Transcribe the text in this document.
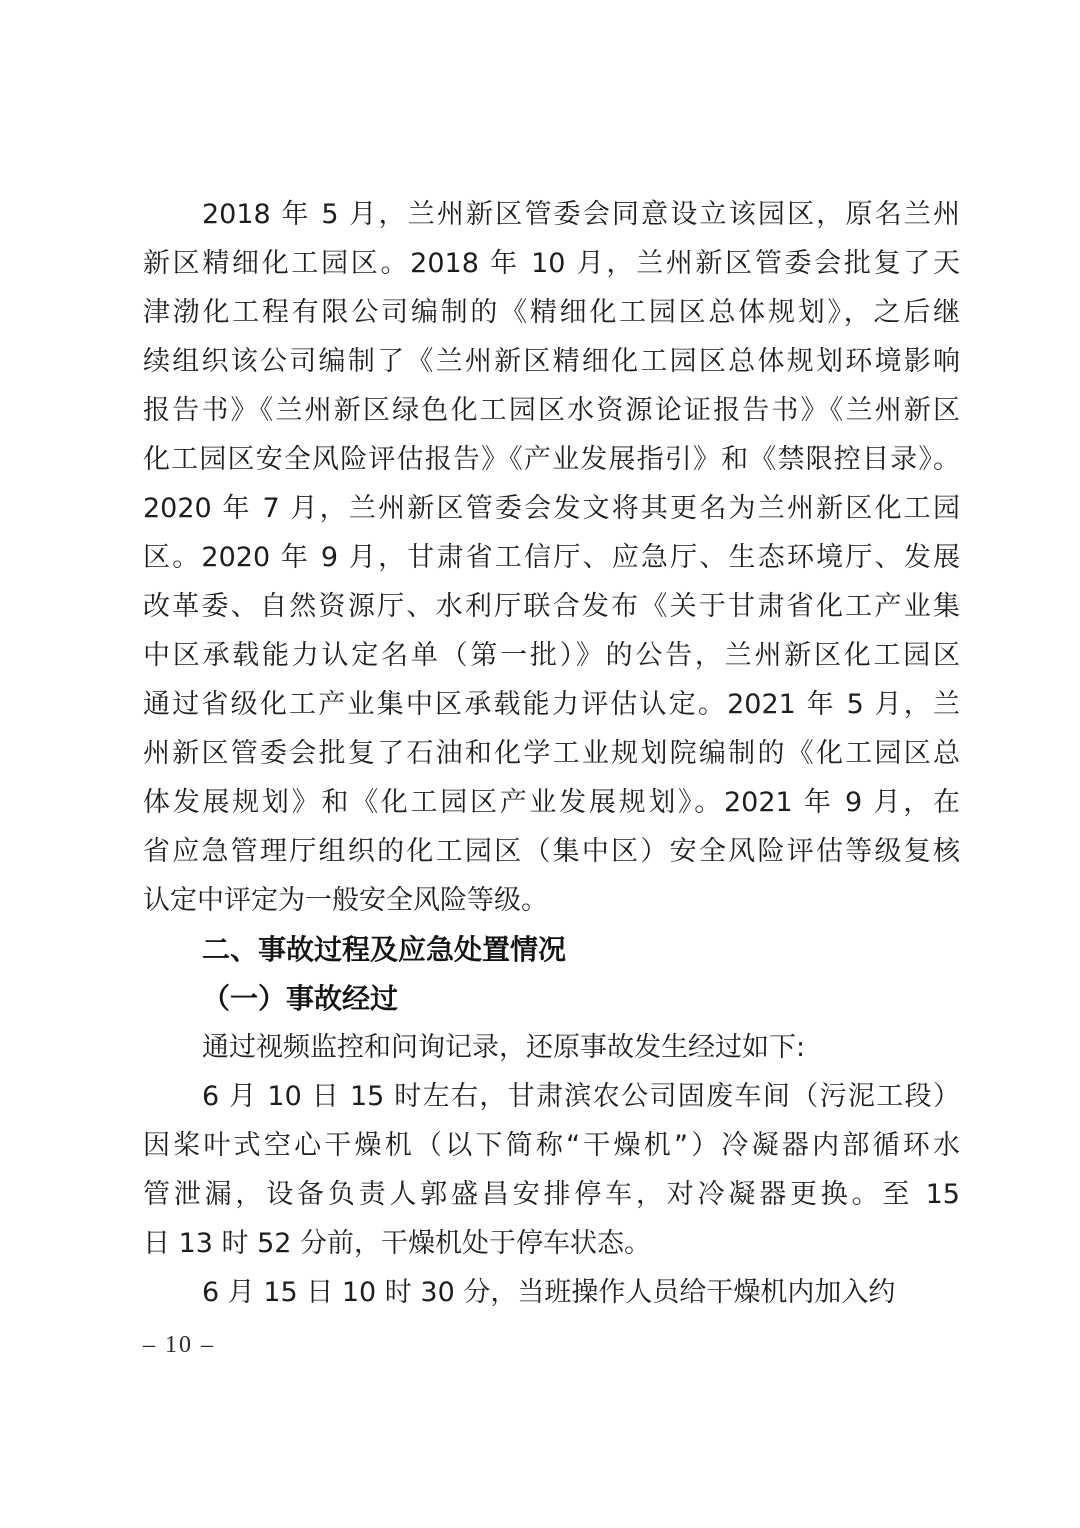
2018 年 5 月，兰州新区管委会同意设立该园区，原名兰州
新区精细化工园区。2018 年 10 月，兰州新区管委会批复了天
津渤化工程有限公司编制的《精细化工园区总体规划》，之后继
续组织该公司编制了《兰州新区精细化工园区总体规划环境影响
报告书》《兰州新区绿色化工园区水资源论证报告书》《兰州新区
化工园区安全风险评估报告》《产业发展指引》和《禁限控目录》。
2020 年 7 月，兰州新区管委会发文将其更名为兰州新区化工园
区。2020 年 9 月，甘肃省工信厅、应急厅、生态环境厅、发展
改革委、自然资源厅、水利厅联合发布《关于甘肃省化工产业集
中区承载能力认定名单（第一批）》的公告，兰州新区化工园区
通过省级化工产业集中区承载能力评估认定。2021 年 5 月，兰
州新区管委会批复了石油和化学工业规划院编制的《化工园区总
体发展规划》和《化工园区产业发展规划》。2021 年 9 月，在
省应急管理厅组织的化工园区（集中区）安全风险评估等级复核
认定中评定为一般安全风险等级。
二、事故过程及应急处置情况
（一）事故经过
通过视频监控和问询记录，还原事故发生经过如下:
6 月 10 日 15 时左右，甘肃滨农公司固废车间（污泥工段）
因桨叶式空心干燥机（以下简称“干燥机”）冷凝器内部循环水
管泄漏，设备负责人郭盛昌安排停车，对冷凝器更换。至 15
日 13 时 52 分前，干燥机处于停车状态。
6 月 15 日 10 时 30 分，当班操作人员给干燥机内加入约
– 10 –
